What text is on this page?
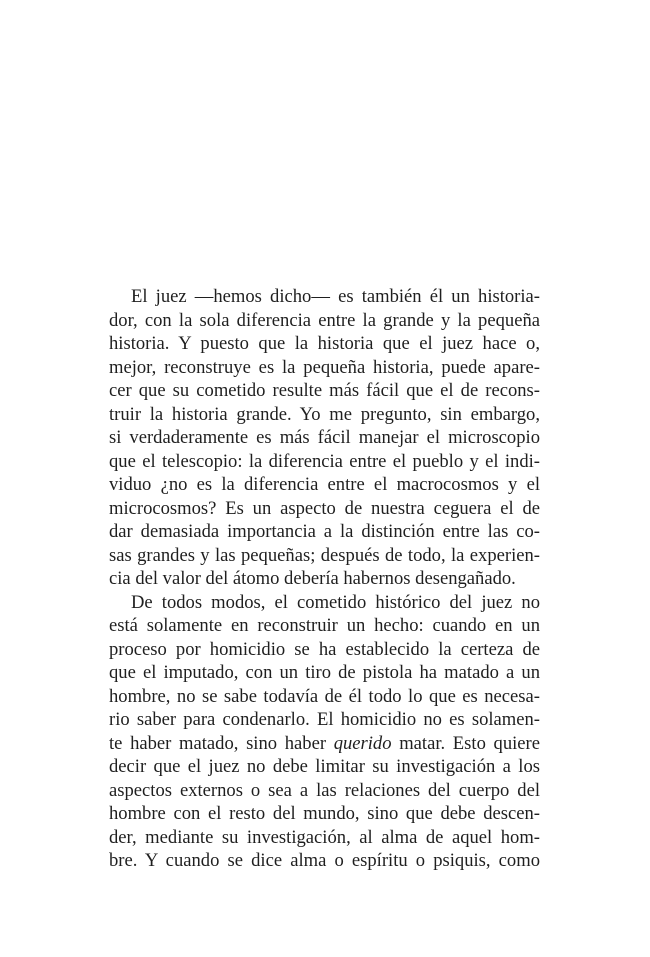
El juez —hemos dicho— es también él un historia-
dor, con la sola diferencia entre la grande y la pequeña
historia. Y puesto que la historia que el juez hace o,
mejor, reconstruye es la pequeña historia, puede apare-
cer que su cometido resulte más fácil que el de recons-
truir la historia grande. Yo me pregunto, sin embargo,
si verdaderamente es más fácil manejar el microscopio
que el telescopio: la diferencia entre el pueblo y el indi-
viduo ¿no es la diferencia entre el macrocosmos y el
microcosmos? Es un aspecto de nuestra ceguera el de
dar demasiada importancia a la distinción entre las co-
sas grandes y las pequeñas; después de todo, la experien-
cia del valor del átomo debería habernos desengañado.

De todos modos, el cometido histórico del juez no
está solamente en reconstruir un hecho: cuando en un
proceso por homicidio se ha establecido la certeza de
que el imputado, con un tiro de pistola ha matado a un
hombre, no se sabe todavía de él todo lo que es necesa-
rio saber para condenarlo. El homicidio no es solamen-
te haber matado, sino haber querido matar. Esto quiere
decir que el juez no debe limitar su investigación a los
aspectos externos o sea a las relaciones del cuerpo del
hombre con el resto del mundo, sino que debe descen-
der, mediante su investigación, al alma de aquel hom-
bre. Y cuando se dice alma o espíritu o psiquis, como
